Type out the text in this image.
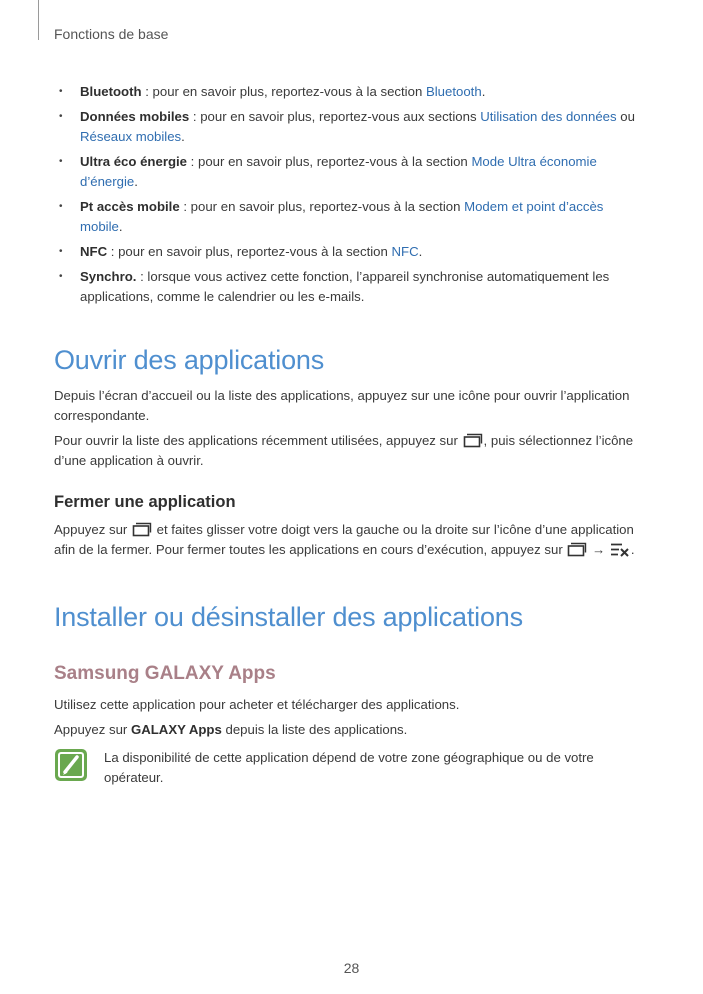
Fonctions de base
• Bluetooth : pour en savoir plus, reportez-vous à la section Bluetooth.
• Données mobiles : pour en savoir plus, reportez-vous aux sections Utilisation des données ou Réseaux mobiles.
• Ultra éco énergie : pour en savoir plus, reportez-vous à la section Mode Ultra économie d’énergie.
• Pt accès mobile : pour en savoir plus, reportez-vous à la section Modem et point d’accès mobile.
• NFC : pour en savoir plus, reportez-vous à la section NFC.
• Synchro. : lorsque vous activez cette fonction, l’appareil synchronise automatiquement les applications, comme le calendrier ou les e-mails.
Ouvrir des applications

Depuis l’écran d’accueil ou la liste des applications, appuyez sur une icône pour ouvrir l’application correspondante.

Pour ouvrir la liste des applications récemment utilisées, appuyez sur , puis sélectionnez l’icône d’une application à ouvrir.

Fermer une application

Appuyez sur  et faites glisser votre doigt vers la gauche ou la droite sur l’icône d’une application afin de la fermer. Pour fermer toutes les applications en cours d’exécution, appuyez sur  → .

Installer ou désinstaller des applications
Samsung GALAXY Apps

Utilisez cette application pour acheter et télécharger des applications.

Appuyez sur GALAXY Apps depuis la liste des applications.

La disponibilité de cette application dépend de votre zone géographique ou de votre opérateur.
28
